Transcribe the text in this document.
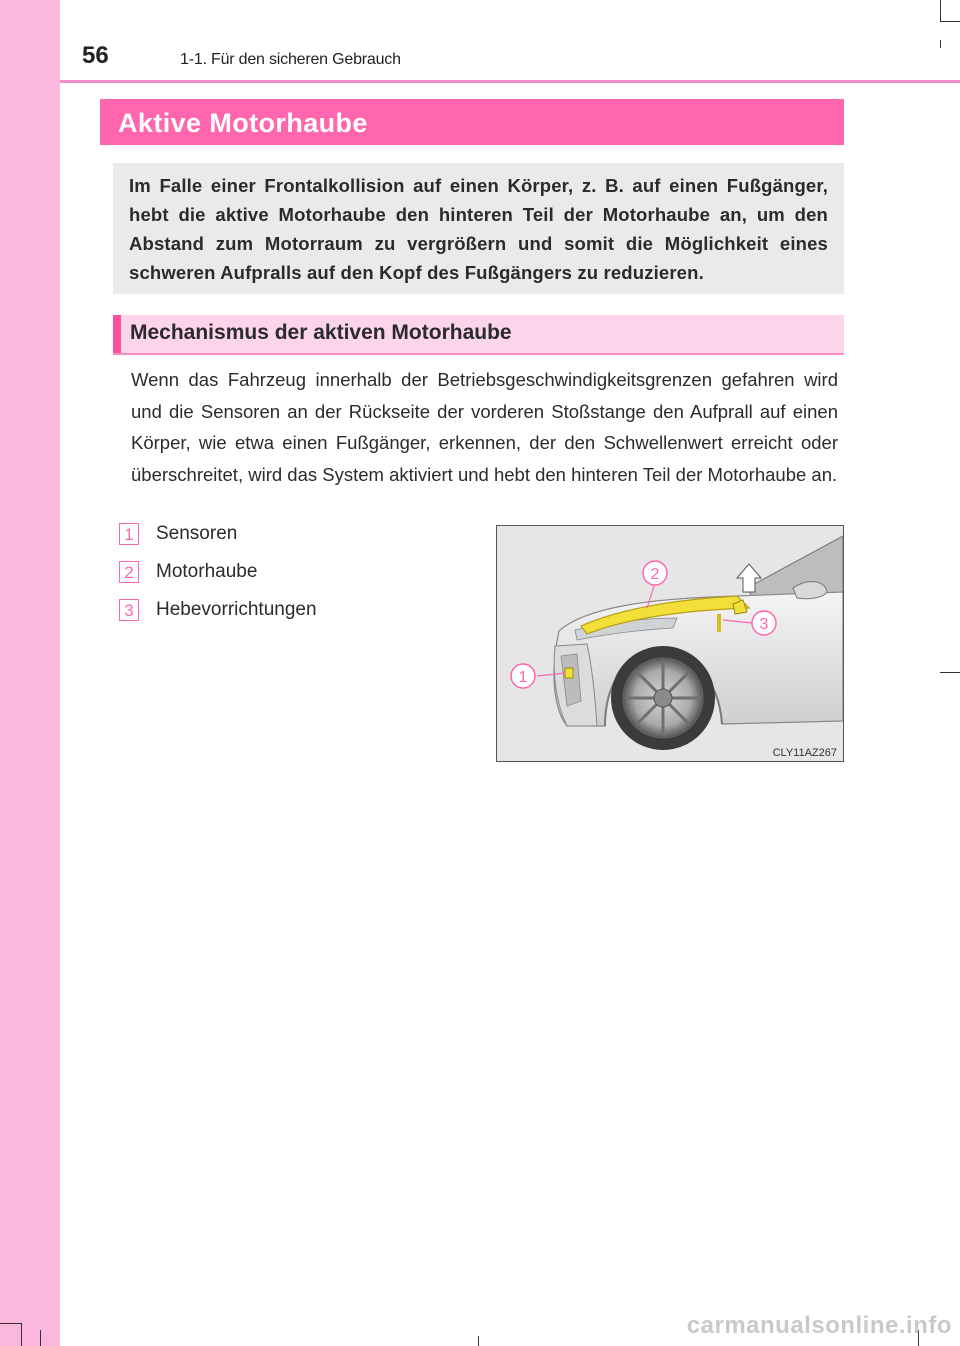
56	1-1. Für den sicheren Gebrauch
Aktive Motorhaube

Im Falle einer Frontalkollision auf einen Körper, z. B. auf einen Fußgänger, hebt die aktive Motorhaube den hinteren Teil der Motorhaube an, um den Abstand zum Motorraum zu vergrößern und somit die Möglichkeit eines schweren Aufpralls auf den Kopf des Fußgängers zu reduzieren.

Mechanismus der aktiven Motorhaube

Wenn das Fahrzeug innerhalb der Betriebsgeschwindigkeitsgrenzen gefahren wird und die Sensoren an der Rückseite der vorderen Stoßstange den Aufprall auf einen Körper, wie etwa einen Fußgänger, erkennen, der den Schwellenwert erreicht oder überschreitet, wird das System aktiviert und hebt den hinteren Teil der Motorhaube an.

1 Sensoren
2 Motorhaube
3 Hebevorrichtungen
1
2
3
CLY11AZ267
carmanualsonline.info
